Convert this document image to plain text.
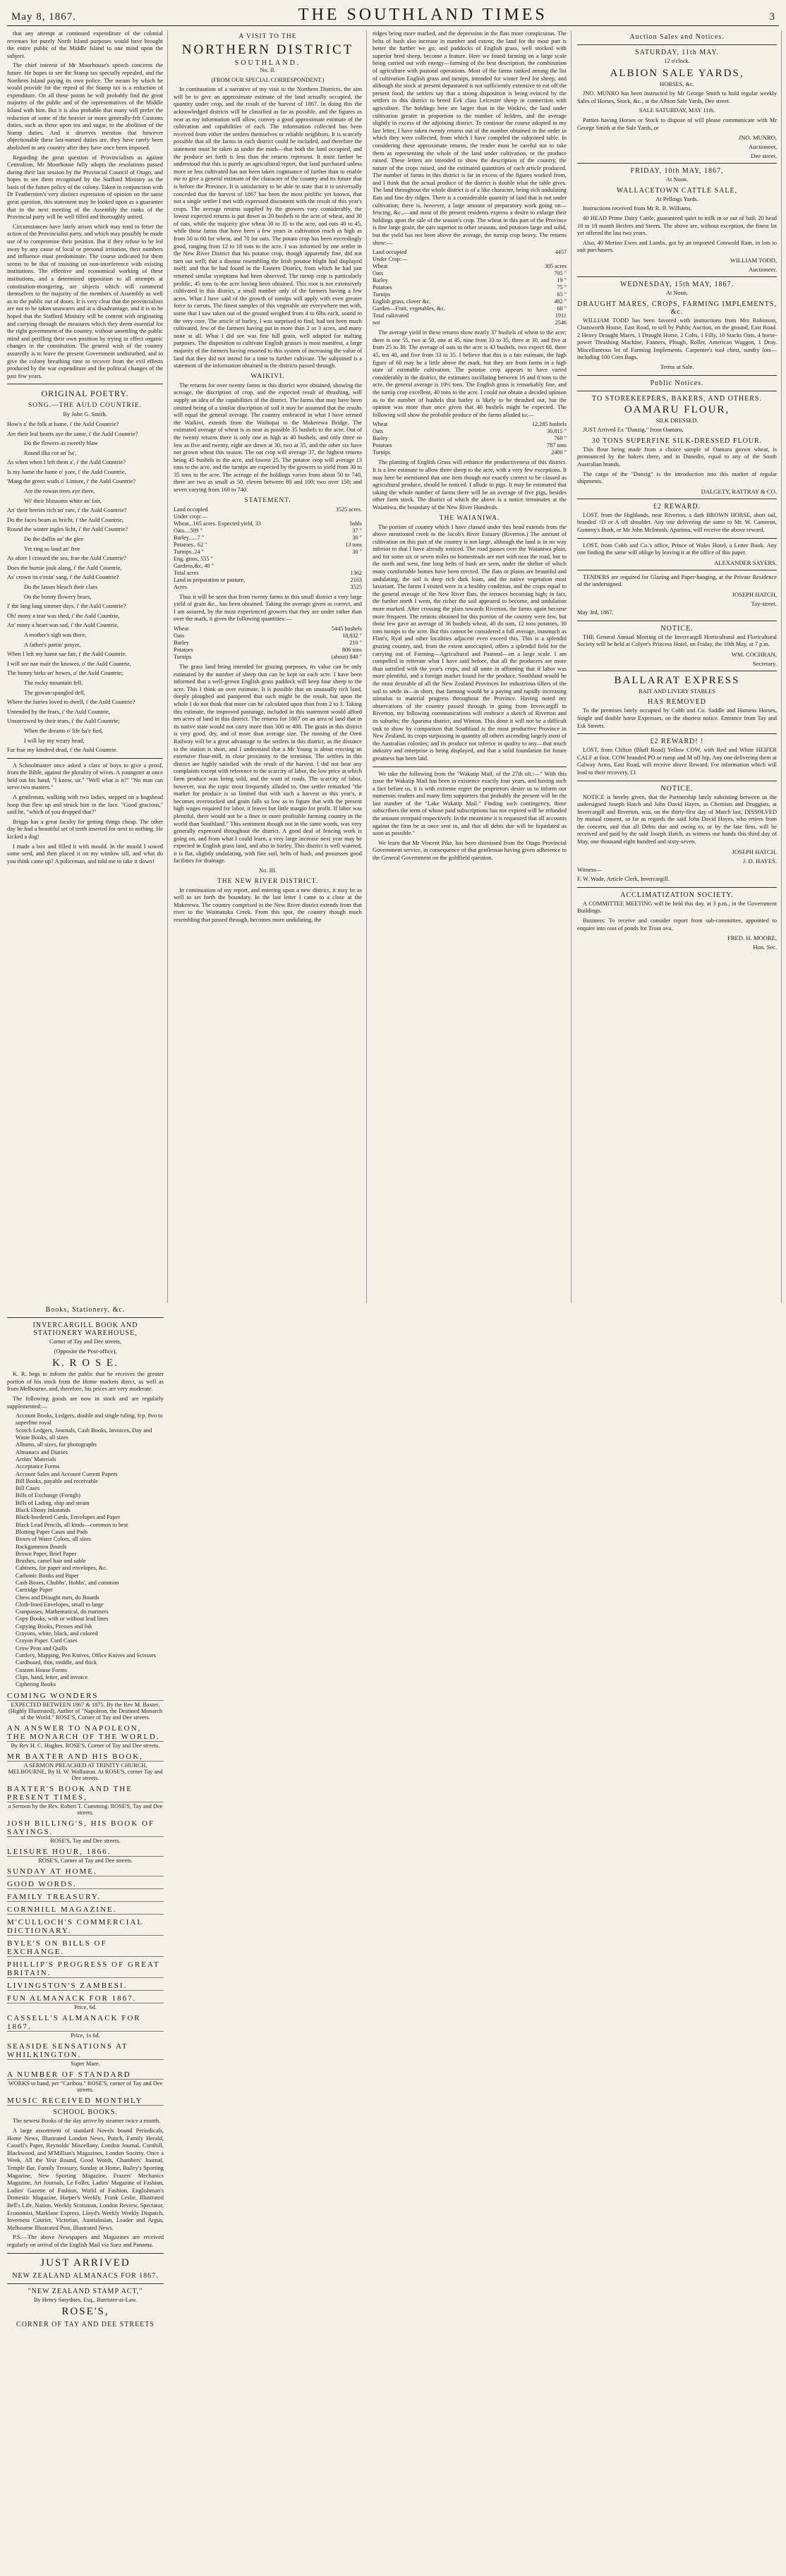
May 8, 1867.	THE SOUTHLAND TIMES	3

that any attempt at continued expenditure of the colonial revenues for purely North Island purposes would have brought the entire public of the Middle Island to one mind upon the subject.

The chief interest of Mr Moorhouse's speech concerns the future. He hopes to see the Stamp tax specially repealed, and the Northern Island paying its own police. The means by which he would provide for the repeal of the Stamp tax is a reduction of expenditure. On all these points he will probably find the great majority of the public and of the representatives of the Middle Island with him. But it is also probable that many will prefer the reduction of some of the heavier or more generally-felt Customs duties, such as those upon tea and sugar, to the abolition of the Stamp duties. And it deserves mention that however objectionable these last-named duties are, they have rarely been abolished in any country after they have once been imposed.

Regarding the great question of Provincialism as against Centralism, Mr Moorhouse fully adopts the resolutions passed during their last session by the Provincial Council of Otago, and hopes to see them recognised by the Stafford Ministry as the basis of the future policy of the colony. Taken in conjunction with Dr Featherston's very distinct expression of opinion on the same great question, this statement may be looked upon as a guarantee that in the next meeting of the Assembly the ranks of the Provincial party will be well filled and thoroughly united.

Circumstances have lately arisen which may tend to fetter the action of the Provincialist party, and which may possibly be made use of to compromise their position. But if they refuse to be led away by any cause of local or personal irritation, their numbers and influence must predominate. The course indicated for them seems to be that of insisting on non-interference with existing institutions. The effective and economical working of these institutions, and a determined opposition to all attempts at constitution-mongering, are objects which will commend themselves to the majority of the members of Assembly as well as to the public out of doors. It is very clear that the provincialists are not to be taken unawares and at a disadvantage, and it is to be hoped that the Stafford Ministry will be content with originating and carrying through the measures which they deem essential for the right government of the country, without unsettling the public mind and perilling their own position by trying to effect organic changes in the constitution. The general wish of the country assuredly is to leave the present Government undisturbed, and to give the colony breathing time to recover from the evil effects produced by the war expenditure and the political changes of the past few years.

ORIGINAL POETRY.
SONG.—THE AULD COUNTRIE.

By John G. Smith.

How's a' the folk at hame, i' the Auld Countrie?

Are their leal hearts aye the same, i' the Auld Countrie?

Do the flowers as sweetly blaw

Round ilka cot an' ha',

As when when I left them a', i' the Auld Countrie?

Is my hame the hame o' yore, i' the Auld Countrie,

'Mang the green wuds o' Lintore, i' the Auld Countrie?

Are the rowan trees aye there,

Wi' their blossoms white an' fair,

An' their berries rich an' rare, i' the Auld Countrie?

Do the faces beam as bricht, i' the Auld Countrie,

Round the winter ingles licht, i' the Auld Countrie?

Do the daffin an' the glee

Yet ring as loud an' free

As afore I crossed the sea, frae the Auld Countrie?

Does the burnie jouk alang, i' the Auld Countrie,

As' crown its e'enin' sang, i' the Auld Countrie?

Do the lasses bleach their claes

On the bonny flowery braes,

I' the lang lang simmer days, i' the Auld Countrie?

Oh! mony a tear was shed, i' the Auld Countrie,

An' mony a heart was sad, i' the Auld Countrie,

A mother's sigh was there,

A father's partin' prayer,

When I left my hame sae fair, i' the Auld Countrie.

I will see nae mair the knowes, o' the Auld Countrie,

The bonny birks an' howes, o' the Auld Countrie;

The rocky mountain fell,

The gowan-spangled dell,

Where the fairies loved to dwell, i' the Auld Countrie?

Untended by the fears, i' the Auld Countrie,

Unsorrowed by their tears, i' the Auld Countrie;

When the dreams o' life ha'e fied,

I will lay my weary head,

Far frae my kindred dead, i' the Auld Countrie.

A Schoolmaster once asked a class of boys to give a proof, from the Bible, against the plurality of wives. A youngster at once held out his hand, "I know, sir." "Well what is it?" "No man can serve two masters."

A gentleman, walking with two ladies, stepped on a hogshead hoop that flew up and struck him in the face. "Good gracious," said he, "which of you dropped that?"

Briggs has a great faculty for getting things cheap. The other day he had a beautiful set of teeth inserted for next to nothing. He kicked a dog!

I made a box and filled it with mould. In the mould I sowed some seed, and then placed it on my window sill, and what do you think came up? A policeman, and told me to take it down!

A VISIT TO THE
NORTHERN DISTRICT
SOUTHLAND.

No. II.

(FROM OUR SPECIAL CORRESPONDENT.)

In continuation of a narrative of my visit to the Northern Districts, the aim will be to give an approximate estimate of the land actually occupied, the quantity under crop, and the result of the harvest of 1867. In doing this the acknowledged districts will be classified as far as possible, and the figures as near as my information will allow, convey a good approximate estimate of the cultivation and capabilities of each. The information collected has been received from either the settlers themselves or reliable neighbors. It is scarcely possible that all the farms in each district could be included, and therefore the statement must be taken as under the mark—that both the land occupied, and the produce set forth is less than the returns represent. It must farther be understood that this is purely an agricultural report, that land purchased unless more or less cultivated has not been taken cognisance of farther than to enable me to give a general estimate of the character of the country and its future that is before the Province. It is satisfactory to be able to state that it is universally conceded that the harvest of 1867 has been the most prolific yet known, that not a single settler I met with expressed discontent with the result of this year's crops. The average returns supplied by the growers vary considerably, the lowest expected returns is put down as 20 bushels to the acre of wheat, and 30 of oats, while the majority give wheat 30 to 35 to the acre, and oats 40 to 45, while those farms that have been a few years in cultivation reach as high as from 50 to 60 for wheat, and 70 for oats. The potato crop has been exceedingly good, ranging from 12 to 18 tons to the acre. I was informed by one settler in the New River District that his potatoe crop, though apparently fine, did not turn out well; that a disease resembling the Irish potatoe blight had displayed itself; and that he had found in the Eastern District, from which he had just returned similar symptoms had been observed. The turnip crop is particularly prolific, 45 tons to the acre having been obtained. This root is not extensively cultivated in this district, a small number only of the farmers having a few acres. What I have said of the growth of turnips will apply with even greater force to carrots. The finest samples of this vegetable are everywhere met with, some that I saw taken out of the ground weighed from 4 to 6lbs each, sound to the very core. The article of barley, I was surprised to find, had not been much cultivated, few of the farmers having put in more than 2 or 3 acres, and many none at all. What I did see was fine full grain, well adapted for malting purposes. The disposition to cultivate English grasses is most manifest, a large majority of the farmers having resorted to this system of increasing the value of land that they did not intend for a time to further cultivate. The subjoined is a statement of the information obtained in the districts passed through.

WAIKIVI.

The returns for over twenty farms in this district were obtained, showing the acreage, the discription of crop, and the expected result of thrashing, will supply an idea of the capabilities of the district. The farms that may have been omitted being of a similar discription of soil it may be assumed that the results will equal the general average. The country embraced in what I have termed the Waikivi, extends from the Waihopai to the Makerewa Bridge. The estimated average of wheat is as near as possible 35 bushels to the acre. Out of the twenty returns there is only one as high as 40 bushels, and only three so low as five and twenty, eight are down at 30, two at 35, and the other six have not grown wheat this season. The oat crop will average 37, the highest returns being 45 bushels to the acre, and lowest 25. The potatoe crop will average 13 tons to the acre, and the turnips are expected by the growers to yield from 30 to 35 tons to the acre. The acreage of the holdings varies from about 50 to 740, there are two as small as 50, eleven between 80 and 100; two over 150; and seven varying from 160 to 740.

STATEMENT.
Land occupied	3525 acres.
Under crop:—
Wheat...165 acres. Expected yield, 33	bshls
Oats....509 "	37 "
Barley......7 "	30 "
Potatoes.. 62 "	13 tons
Turnips..24 "	30 "
Eng. grass, 555 "
Gardens,&c, 40 "
Total acres	1362
Land in preparation or pasture,	2163
Acres	3525

Thus it will be seen that from twenty farms in this small district a very large yield of grain &c., has been obtained. Taking the average given as correct, and I am assured, by the most experienced growers that they are under rather than over the mark, it gives the following quantities:—

Wheat	5445 bushels
Oats	18,832 "
Barley	210 "
Potatoes	806 tons
Turnips	(about) 840 "

The grass land being intended for grazing purposes, its value can be only estimated by the number of sheep that can be kept on each acre. I have been informed that a well-grown English grass paddock will keep four sheep to the acre. This I think an over estimate. It is possible that on unusually rich land, deeply ploughed and pampered that such might be the result, but upon the whole I do not think that more can be calculated upon than from 2 to 3. Taking this estimate, the improved pasturage, included in this statement would afford ten acres of land in this district. The returns for 1867 on an area of land that in its native state would not carry more than 300 or 400. The grain in this district is very good, dry, and of more than average size. The running of the Oreti Railway will be a great advantage to the settlers in this district, as the distance to the station is short, and I understand that a Mr Young is about erecting an extensive flour-mill, in close proximity to the terminus. The settlers in this district are highly satisfied with the result of the harvest. I did not hear any complaints except with reference to the scarcity of labor, the low price at which farm produce was being sold, and the want of roads. The scarcity of labor, however, was the topic most frequently alluded to. One settler remarked "the market for produce is so limited that with such a harvest as this year's, it becomes overstocked and grain falls so low as to figure that with the present high wages required for labor, it leaves but little margin for profit. If labor was plentiful, there would not be a finer or more profitable farming country in the world than Southland." This sentiment though not in the same words, was very generally expressed throughout the district. A good deal of fencing work is going on, and from what I could learn, a very large increase next year may be expected in English grass land, and also in barley. This district is well watered, it is flat, slightly undulating, with fine soil, belts of bush, and possesses good facilities for drainage.

No. III.

THE NEW RIVER DISTRICT.

In continuation of my report, and entering upon a new district, it may be as well to set forth the boundary. In the last letter I came to a close at the Makerewa. The country comprised in the New River district extends from that river to the Waimatuku Creek. From this spot, the country though much resembling that passed through, becomes more undulating, the

ridges being more marked, and the depression in the flats more conspicuous. The belts of bush also increase in number and extent; the land for the most part is better the further we go; and paddocks of English grass, well stocked with superior bred sheep, become a feature. Here we found farming on a large scale being carried out with energy—farming of the best description, the combination of agriculture with pastoral operations. Most of the farms ranked among the list of cultivation English grass and turnips, intended for winter feed for sheep, and although the stock at present depastured is not sufficiently extensive to eat off the present food, the settlers say that a strong disposition is being evinced by the settlers in this district to breed Eek class Leicester sheep in connection with agriculture. The holdings here are larger than in the Waikivi, the land under cultivation greater in proportion to the number of holders, and the average slightly in excess of the adjoining district. To continue the course adopted in my last letter, I have taken twenty returns out of the number obtained in the order in which they were collected, from which I have compiled the subjoined table. In considering these approximate returns, the reader must be careful not to take them as representing the whole of the land under cultivation, or the produce raised. These letters are intended to show the description of the country, the nature of the crops raised, and the estimated quantities of each article produced. The number of farms in this district is far in excess of the figures worked from, and I think that the actual produce of the district is double what the table gives. The land throughout the whole district is of a like character, being rich undulating flats and fine dry ridges. There is a considerable quantity of land that is not under cultivation; there is, however, a large amount of preparatory work going on—fencing, &c.,—and most of the present residents express a desire to enlarge their holdings upon the sale of the season's crop. The wheat in this part of the Province is fine large grain, the oats superior to other seasons, and potatoes large and solid, but the yield has not been above the average, the turnip crop heavy. The returns show:—

Land occupied	4457
Under Crop:—
Wheat	305 acres
Oats	705 "
Barley	19 "
Potatoes	75 "
Turnips	65 "
English grass, clover &c.	482 "
Garden—Fruit, vegetables, &c.	60 "
Total cultivated	1911
not	2546

The average yield in these returns show nearly 37 bushels of wheat to the acre; there is one 55, two at 50, one at 45, nine from 33 to 35, three at 30, and five at from 25 to 30. The average of oats to the acre is 43 bushels, two expect 60, three 45, ten 40, and five from 33 to 35. I believe that this is a fair estimate, the high figure of 60 may be a little above the mark, but they are from farms in a high state of estimable cultivation. The potatoe crop appears to have varied considerably in the district, the estimates oscillating between 16 and 8 tons to the acre, the general average is 10½ tons. The English grass is remarkably fine, and the turnip crop excellent, 40 tons to the acre. I could not obtain a decided opinion as to the number of bushels that barley is likely to be thrashed out, but the opinion was more than once given that 40 bushels might be expected. The following will show the probable produce of the farms alluded to:—

Wheat	12,285 bushels
Oats	30,815 "
Barley	760 "
Potatoes	787 tons
Turnips	2400 "

The planting of English Grass will enhance the productiveness of this district. It is a low estimate to allow three sheep to the acre, with a very few exceptions. It may here be mentioned that one item though not exactly correct to be classed as agricultural produce, should be noticed. I allude to pigs. It may be estimated that taking the whole number of farms there will be an average of five pigs, besides other farm stock. The district of which the above is a notice terminates at the Waianiwa, the boundary of the New River Hundreds.

THE WAIANIWA.

The portion of country which I have classed under this head extends from the above mentioned creek to the Jacob's River Estuary (Riverton.) The amount of cultivation on this part of the country is not large, although the land is in no way inferior to that I have already noticed. The road passes over the Waianiwa plain, and for some six or seven miles no homesteads are met with near the road, but to the north and west, fine long belts of bush are seen, under the shelter of which many comfortable homes have been erected. The flats or plains are beautiful and undulating, the soil is deep rich dark loam, and the native vegetation most luxuriant. The farms I visited were in a healthy condition, and the crops equal to the general average of the New River flats, the terraces becoming high; in fact, the further north I went, the richer the soil appeared to become, and undulation more marked. After crossing the plain towards Riverton, the farms again become more frequent. The returns obtained for this portion of the country were few, but those few gave an average of 36 bushels wheat, 40 do oats, 12 tons potatoes, 30 tons turnips to the acre. But this cannot be considered a full average, inasmuch as Flint's, Ryal and other localities adjacent even exceed this. This is a splendid grazing country, and, from the extent unoccupied, offers a splendid field for the carrying out of Farming—Agricultural and Pastoral—on a large scale. I am compelled to reiterate what I have said before, that all the producers are more than satisfied with the year's crops, and all unite in affirming that if labor was more plentiful, and a foreign market found for the produce, Southland would be the most desirable of all the New Zealand Provinces for industrious tillers of the soil to settle in—in short, that farming would be a paying and rapidly increasing stimulus to material progress throughout the Province. Having noted my observations of the country passed through in going from Invercargill to Riverton, my following communications will embrace a sketch of Riverton and its suburbs; the Aparima district, and Winton. This done it will not be a difficult task to show by comparison that Southland is the most productive Province in New Zealand, its crops surpassing in quantity all others ascending largely most of the Australian colonies; and its produce not inferior in quality to any—that much industry and enterprise is being displayed, and that a solid foundation for future greatness has been laid.

We take the following from the "Wakatip Mail, of the 27th ult.:—" With this issue the Wakatip Mail has been in existence exactly four years, and having such a fact before us, it is with extreme regret the proprietors desire us to inform our numerous readers and many firm supporters that probably the present will be the last number of the "Lake Wakatip Mail." Finding such contingency, those subscribers the term of whose paid subscriptions has not expired will be refunded the amount overpaid respectively. In the meantime it is requested that all accounts against the firm be at once sent in, and that all debts due will be liquidated as soon as possible."

We learn that Mr Vincent Pike, has been dismissed from the Otago Provincial Government service, in consequence of that gentleman having given adherence to the General Government on the goldfield question.

Auction Sales and Notices.
SATURDAY, 11th MAY.

12 o'clock.

ALBION SALE YARDS,

HORSES, &c.

JNO. MUNRO has been instructed by Mr George Smith to hold regular weekly Sales of Horses, Stock, &c., at the Albion Sale Yards, Dee street.

SALE SATURDAY, MAY 11th.

Parties having Horses or Stock to dispose of will please communicate with Mr George Smith at the Sale Yards, or

JNO. MUNRO,
Auctioneer,
Dee street.
FRIDAY, 10th MAY, 1867,

At Noon.

WALLACETOWN CATTLE SALE,

At Pellings Yards.

Instructions received from Mr R. B. Williams.

40 HEAD Prime Dairy Cattle, guaranteed quiet to milk in or out of bail; 20 head 10 to 18 month Heifers and Steers. The above are, without exception, the finest lot yet offered the last two years.

Also, 40 Merino Ewes and Lambs, got by an imported Cotswold Ram, in lots to suit purchasers.

WILLIAM TODD,
Auctioneer.
WEDNESDAY, 15th MAY, 1867.

At Noon.

DRAUGHT MARES, CROPS, FARMING IMPLEMENTS, &c.

WILLIAM TODD has been favored with instructions from Mrs Robinson, Chatsworth House, East Road, to sell by Public Auction, on the ground, East Road. 2 Heavy Draught Mares, 1 Draught Horse, 2 Colts, 1 Filly, 10 Stacks Oats, 4 horse-power Thrashing Machine, Fanners, Plough, Roller, American Waggon, 1 Dray. Miscellaneous lot of Farming Implements. Carpenter's tool chest, sundry lots—including 100 Corn Bags.

Terms at Sale.

Public Notices.
TO STOREKEEPERS, BAKERS, AND OTHERS.
OAMARU FLOUR,

SILK DRESSED.

JUST Arrived Ex "Danzig," from Oamaru,

30 TONS SUPERFINE SILK-DRESSED FLOUR.

This flour being made from a choice sample of Oamaru grown wheat, is pronounced by the bakers there, and in Dunedin, equal to any of the South Australian brands.

The cargo of the "Danzig" is the introduction into this market of regular shipments.

DALGETY, RATTRAY & CO.
£2 REWARD.

LOST, from the Highlands, near Riverton, a dark BROWN HORSE, short tail, branded ↑D or A off shoulder. Any one delivering the same to Mr. W. Cameron, Gummy's Bush, or Mr John McIntosh, Aparima, will receive the above reward.

LOST, from Cobb and Co.'s office, Prince of Wales Hotel, a Letter Book. Any one finding the same will oblige by leaving it at the office of this paper.

ALEXANDER SAYERS.

TENDERS are required for Glazing and Paper-hanging, at the Private Residence of the undersigned.

JOSEPH HATCH,
Tay-street.

May 3rd, 1867.

NOTICE.

THE General Annual Meeting of the Invercargill Horticultural and Floricultural Society will be held at Colyer's Princess Hotel, on Friday, the 10th May, at 7 p.m.

WM. COCHRAN,
Secretary.
BALLARAT EXPRESS

BAIT AND LIVERY STABLES

HAS REMOVED

To the premises lately occupied by Cobb and Co. Saddle and Harness Horses, Single and double horse Expresses, on the shortest notice. Entrance from Tay and Esk Streets.

£2 REWARD! !

LOST, from Clifton (Bluff Road) Yellow COW, with Red and White HEIFER CALF at foot. COW branded PO or rump and M off hip. Any one delivering them at Galway Arms, East Road, will receive above Reward. For information which will lead to their recovery, £1

NOTICE.

NOTICE is hereby given, that the Partnership lately subsisting between us the undersigned Joseph Hatch and John David Hayes, as Chemists and Druggists, at Invercargill and Riverton, was, on the thirty-first day of March last, DISSOLVED by mutual consent, so far as regards the said John David Hayes, who retires from the concern, and that all Debts due and owing to, or by the late firm, will be received and paid by the said Joseph Hatch, as witness our hands this third day of May, one thousand eight hundred and sixty-seven.

JOSEPH HATCH.
J. D. HAYES.

Witness—

F. W. Wade, Article Clerk, Invercargill.

ACCLIMATIZATION SOCIETY.

A COMMITTEE MEETING will be held this day, at 3 p.m., in the Government Buildings.

Business: To receive and consider report from sub-committee, appointed to enquire into cost of ponds for Trout ova.

FRED. H. MOORE,
Hon. Sec.
Books, Stationery, &c.
INVERCARGILL BOOK AND STATIONERY WAREHOUSE,

Corner of Tay and Dee streets,

(Opposite the Post-office),

K. R O S E.

K. R. begs to inform the public that he receives the greater portion of his stock from the Home markets direct, as well as from Melbourne, and, therefore, his prices are very moderate.

The following goods are now in stock and are regularly supplemented:—

Account Books, Ledgers, double and single ruling, fcp. 8vo to superfine royal
Scotch Ledgers, Journals, Cash Books, Invoices, Day and Waste Books, all sizes
Albums, all sizes, for photographs
Almanacs and Diaries
Artists' Materials
Acceptance Forms
Account Sales and Account Current Papers
Bill Books, payable and receivable
Bill Cases
Bills of Exchange (Forugh)
Bills of Lading, ship and steam
Black Ebony Inkstands
Black-bordered Cards, Envelopes and Paper
Black Lead Pencils, all kinds—common to best
Blotting Paper Cases and Pads
Boxes of Water Colors, all sizes
Backgammon Boards
Brown Paper, Brief Paper
Brushes, camel hair and sable
Cabinets, for paper and envelopes, &c.
Carbonic Books and Paper
Cash Boxes, Chubbs', Hobbs', and common
Cartridge Paper
Chess and Draught men, do Boards
Cloth-lined Envelopes, small to large
Compasses, Mathematical, do mariners
Copy Books, with or without lead lines
Copying Books, Presses and Ink
Crayons, white, black, and colored
Crayon Paper. Card Cases
Crow Pens and Quills
Cuttlery, Mapping, Pen Knives, Office Knives and Scissors
Cardboard, thin, middle, and thick
Custom House Forms
Clips, hand, letter, and invoice
Ciphering Books
COMING WONDERS
EXPECTED BETWEEN 1867 & 1875. By the Rev M. Baxter, (Highly Illustrated), Author of "Napoleon, the Destined Monarch of the World." ROSE'S, Corner of Tay and Dee streets.
AN ANSWER TO NAPOLEON, THE MONARCH OF THE WORLD.
By Rev H. C. Hughes. ROSE'S, Corner of Tay and Dee streets.
MR BAXTER AND HIS BOOK,
A SERMON PREACHED AT TRINITY CHURCH, MELBOURNE, By H. W. Wollaston. At ROSE'S, corner Tay and Dee streets.
BAXTER'S BOOK AND THE PRESENT TIMES,
a Sermon by the Rev. Robert T. Cumming. ROSE'S, Tay and Dee streets.
JOSH BILLING'S, HIS BOOK OF SAYINGS.
ROSE'S, Tay and Dee streets.
LEISURE HOUR, 1866.
ROSE'S, Corner of Tay and Dee streets.
SUNDAY AT HOME.
GOOD WORDS.
FAMILY TREASURY.
CORNHILL MAGAZINE.
M'CULLOCH'S COMMERCIAL DICTIONARY.
BYLE'S ON BILLS OF EXCHANGE.
PHILLIP'S PROGRESS OF GREAT BRITAIN.
LIVINGSTON'S ZAMBESI.
FUN ALMANACK FOR 1867.
Price, 6d.
CASSELL'S ALMANACK FOR 1867.
Price, 1s 6d.
SEASIDE SENSATIONS AT WHILKINGTON.
Super Mare.
A NUMBER OF STANDARD
WORKS to hand, per "Caribou." ROSE'S, corner of Tay and Dee streets.
MUSIC RECEIVED MONTHLY
SCHOOL BOOKS.

The newest Books of the day arrive by steamer twice a month.

A large assortment of standard Novels bound Periodicals, Home News, Illustrated London News, Punch, Family Herald, Cassell's Paper, Reynolds' Miscellany, London Journal, Cornhill, Blackwood, and M'Millian's Magazines, London Society, Once a Week, All the Year Round, Good Words, Chambers' Journal, Temple Bar, Family Treasury, Sunday at Home, Bailey's Sporting Magazine, New Sporting Magazine, Frazers' Mechanics Magazine, Art Journals, Le Follet, Ladies' Magazine of Fashion, Ladies' Gazette of Fashion, World of Fashion, Englishman's Domestic Magazine, Harper's Weekly, Frank Leslie, Illustrated Bell's Life, Nation, Weekly Scotsman, London Review, Spectator, Economist, Marklane Express, Lloyd's Weekly Weekly Dispatch, Inverness Courier, Victorian, Australasian, Leader and Argus, Melbourne Illustrated Post, Illustrated News.

P.S.—The above Newspapers and Magazines are received regularly on arrival of the English Mail via Suez and Panama.

JUST ARRIVED
NEW ZEALAND ALMANACS FOR 1867.
"NEW ZEALAND STAMP ACT,"

By Henry Smythies, Esq., Barrister-at-Law.

ROSE'S,
CORNER OF TAY AND DEE STREETS
